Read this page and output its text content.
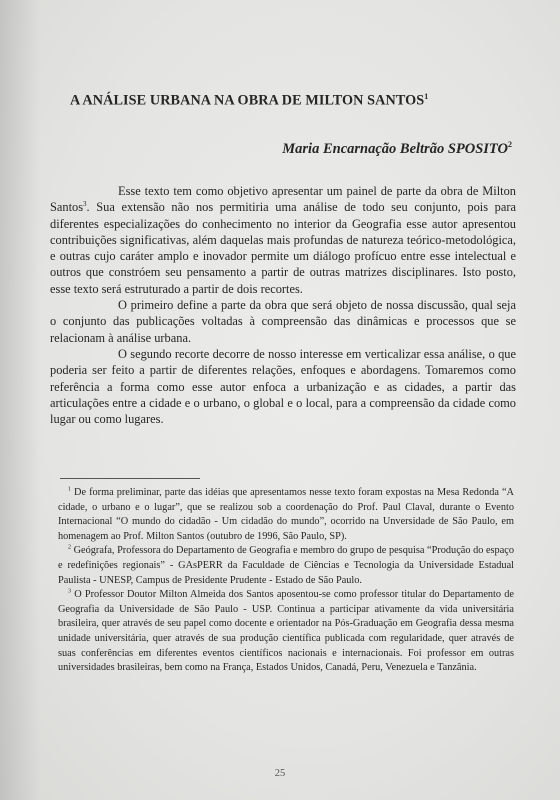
A ANÁLISE URBANA NA OBRA DE MILTON SANTOS$^1$
Maria Encarnação Beltrão SPOSITO$^2$

Esse texto tem como objetivo apresentar um painel de parte da obra de Milton Santos$^3$. Sua extensão não nos permitiria uma análise de todo seu conjunto, pois para diferentes especializações do conhecimento no interior da Geografia esse autor apresentou contribuições significativas, além daquelas mais profundas de natureza teórico-metodológica, e outras cujo caráter amplo e inovador permite um diálogo profícuo entre esse intelectual e outros que constróem seu pensamento a partir de outras matrizes disciplinares. Isto posto, esse texto será estruturado a partir de dois recortes.

O primeiro define a parte da obra que será objeto de nossa discussão, qual seja o conjunto das publicações voltadas à compreensão das dinâmicas e processos que se relacionam à análise urbana.

O segundo recorte decorre de nosso interesse em verticalizar essa análise, o que poderia ser feito a partir de diferentes relações, enfoques e abordagens. Tomaremos como referência a forma como esse autor enfoca a urbanização e as cidades, a partir das articulações entre a cidade e o urbano, o global e o local, para a compreensão da cidade como lugar ou como lugares.

$^1$ De forma preliminar, parte das idéias que apresentamos nesse texto foram expostas na Mesa Redonda “A cidade, o urbano e o lugar”, que se realizou sob a coordenação do Prof. Paul Claval, durante o Evento Internacional “O mundo do cidadão - Um cidadão do mundo”, ocorrido na Unversidade de São Paulo, em homenagem ao Prof. Milton Santos (outubro de 1996, São Paulo, SP).

$^2$ Geógrafa, Professora do Departamento de Geografia e membro do grupo de pesquisa “Produção do espaço e redefinições regionais” - GAsPERR da Faculdade de Ciências e Tecnologia da Universidade Estadual Paulista - UNESP, Campus de Presidente Prudente - Estado de São Paulo.

$^3$ O Professor Doutor Milton Almeida dos Santos aposentou-se como professor titular do Departamento de Geografia da Universidade de São Paulo - USP. Continua a participar ativamente da vida universitária brasileira, quer através de seu papel como docente e orientador na Pós-Graduação em Geografia dessa mesma unidade universitária, quer através de sua produção científica publicada com regularidade, quer através de suas conferências em diferentes eventos científicos nacionais e internacionais. Foi professor em outras universidades brasileiras, bem como na França, Estados Unidos, Canadá, Peru, Venezuela e Tanzânia.

25
